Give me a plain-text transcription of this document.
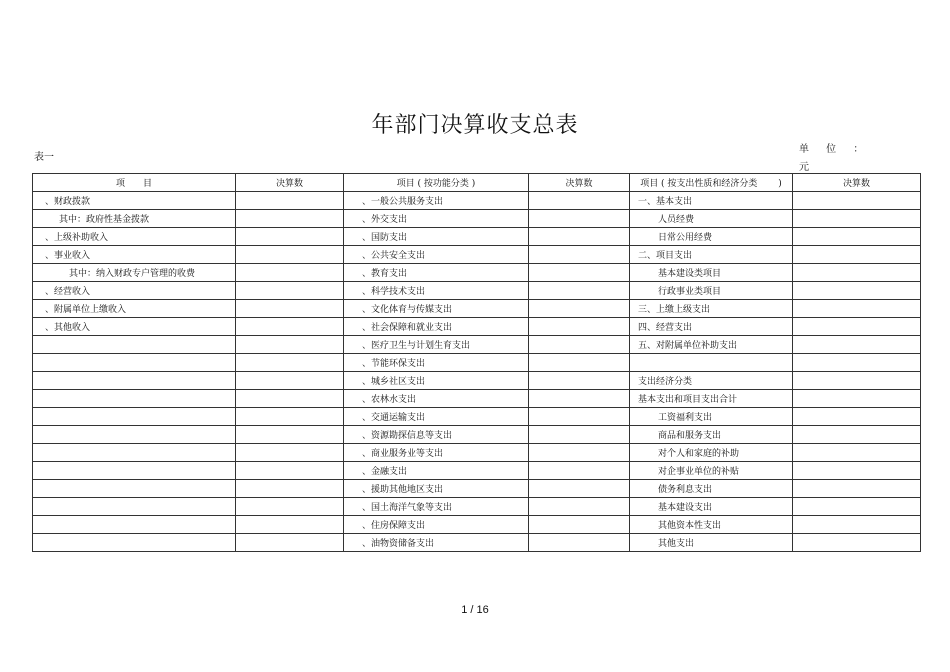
年部门决算收支总表
表一
单 位 ：
元
项　　目	决算数	项目 ( 按功能分类 )	决算数	项目 ( 按支出性质和经济分类 　　)	决算数
、财政拨款		、一般公共服务支出		一、基本支出	
其中：政府性基金拨款		、外交支出		人员经费	
、上级补助收入		、国防支出		日常公用经费	
、事业收入		、公共安全支出		二、项目支出	
其中：纳入财政专户管理的收费		、教育支出		基本建设类项目	
、经营收入		、科学技术支出		行政事业类项目	
、附属单位上缴收入		、文化体育与传媒支出		三、上缴上级支出	
、其他收入		、社会保障和就业支出		四、经营支出	
		、医疗卫生与计划生育支出		五、对附属单位补助支出	
		、节能环保支出			
		、城乡社区支出		支出经济分类	
		、农林水支出		基本支出和项目支出合计	
		、交通运输支出		工资福利支出	
		、资源勘探信息等支出		商品和服务支出	
		、商业服务业等支出		对个人和家庭的补助	
		、金融支出		对企事业单位的补贴	
		、援助其他地区支出		债务利息支出	
		、国土海洋气象等支出		基本建设支出	
		、住房保障支出		其他资本性支出	
		、油物资储备支出		其他支出	
1 / 16
